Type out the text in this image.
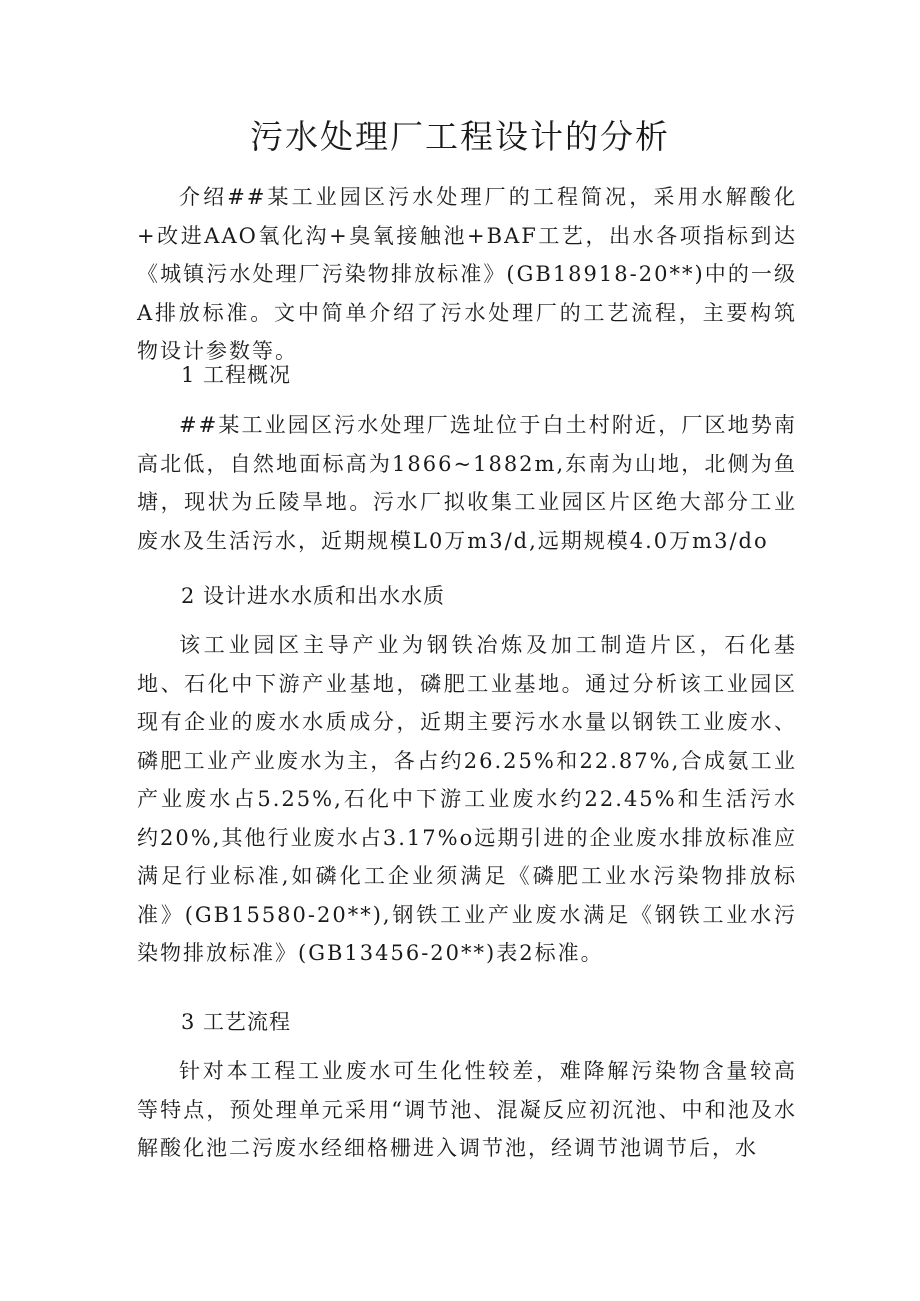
污水处理厂工程设计的分析

介绍##某工业园区污水处理厂的工程简况，采用水解酸化+改进AAO氧化沟+臭氧接触池+BAF工艺，出水各项指标到达《城镇污水处理厂污染物排放标准》(GB18918-20**)中的一级A排放标准。文中简单介绍了污水处理厂的工艺流程，主要构筑物设计参数等。

1 工程概况

##某工业园区污水处理厂选址位于白土村附近，厂区地势南高北低，自然地面标高为1866~1882m,东南为山地，北侧为鱼塘，现状为丘陵旱地。污水厂拟收集工业园区片区绝大部分工业废水及生活污水，近期规模L0万m3/d,远期规模4.0万m3/do

2 设计进水水质和出水水质

该工业园区主导产业为钢铁冶炼及加工制造片区，石化基地、石化中下游产业基地，磷肥工业基地。通过分析该工业园区现有企业的废水水质成分，近期主要污水水量以钢铁工业废水、磷肥工业产业废水为主，各占约26.25%和22.87%,合成氨工业产业废水占5.25%,石化中下游工业废水约22.45%和生活污水约20%,其他行业废水占3.17%o远期引进的企业废水排放标准应满足行业标准,如磷化工企业须满足《磷肥工业水污染物排放标准》(GB15580-20**),钢铁工业产业废水满足《钢铁工业水污染物排放标准》(GB13456-20**)表2标准。

3 工艺流程

针对本工程工业废水可生化性较差，难降解污染物含量较高等特点，预处理单元采用“调节池、混凝反应初沉池、中和池及水解酸化池二污废水经细格栅进入调节池，经调节池调节后，水
